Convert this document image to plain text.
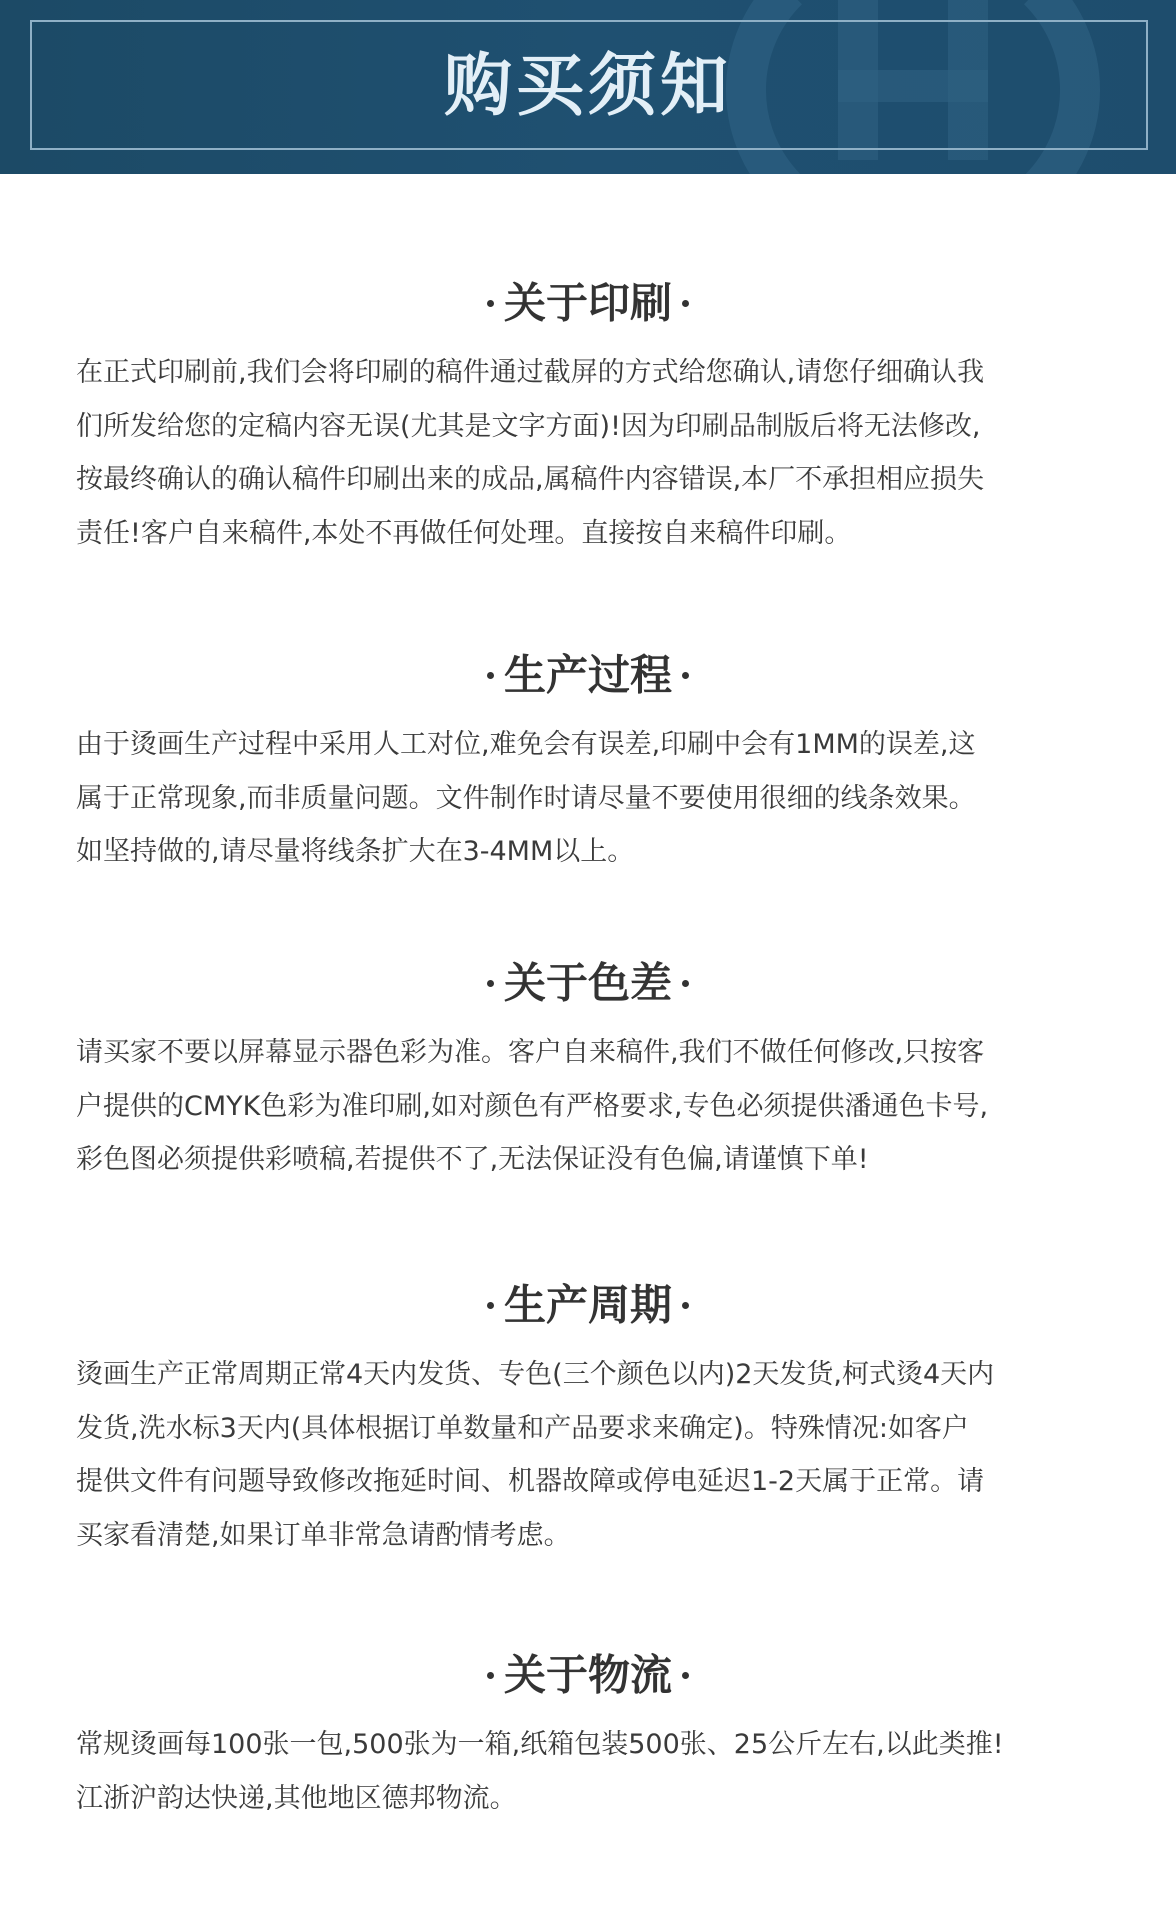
购买须知
关于印刷
在正式印刷前,我们会将印刷的稿件通过截屏的方式给您确认,请您仔细确认我
们所发给您的定稿内容无误(尤其是文字方面)!因为印刷品制版后将无法修改,
按最终确认的确认稿件印刷出来的成品,属稿件内容错误,本厂不承担相应损失
责任!客户自来稿件,本处不再做任何处理。直接按自来稿件印刷。
生产过程
由于烫画生产过程中采用人工对位,难免会有误差,印刷中会有1MM的误差,这
属于正常现象,而非质量问题。文件制作时请尽量不要使用很细的线条效果。
如坚持做的,请尽量将线条扩大在3-4MM以上。
关于色差
请买家不要以屏幕显示器色彩为准。客户自来稿件,我们不做任何修改,只按客
户提供的CMYK色彩为准印刷,如对颜色有严格要求,专色必须提供潘通色卡号,
彩色图必须提供彩喷稿,若提供不了,无法保证没有色偏,请谨慎下单!
生产周期
烫画生产正常周期正常4天内发货、专色(三个颜色以内)2天发货,柯式烫4天内
发货,洗水标3天内(具体根据订单数量和产品要求来确定)。特殊情况:如客户
提供文件有问题导致修改拖延时间、机器故障或停电延迟1-2天属于正常。请
买家看清楚,如果订单非常急请酌情考虑。
关于物流
常规烫画每100张一包,500张为一箱,纸箱包装500张、25公斤左右,以此类推!
江浙沪韵达快递,其他地区德邦物流。
